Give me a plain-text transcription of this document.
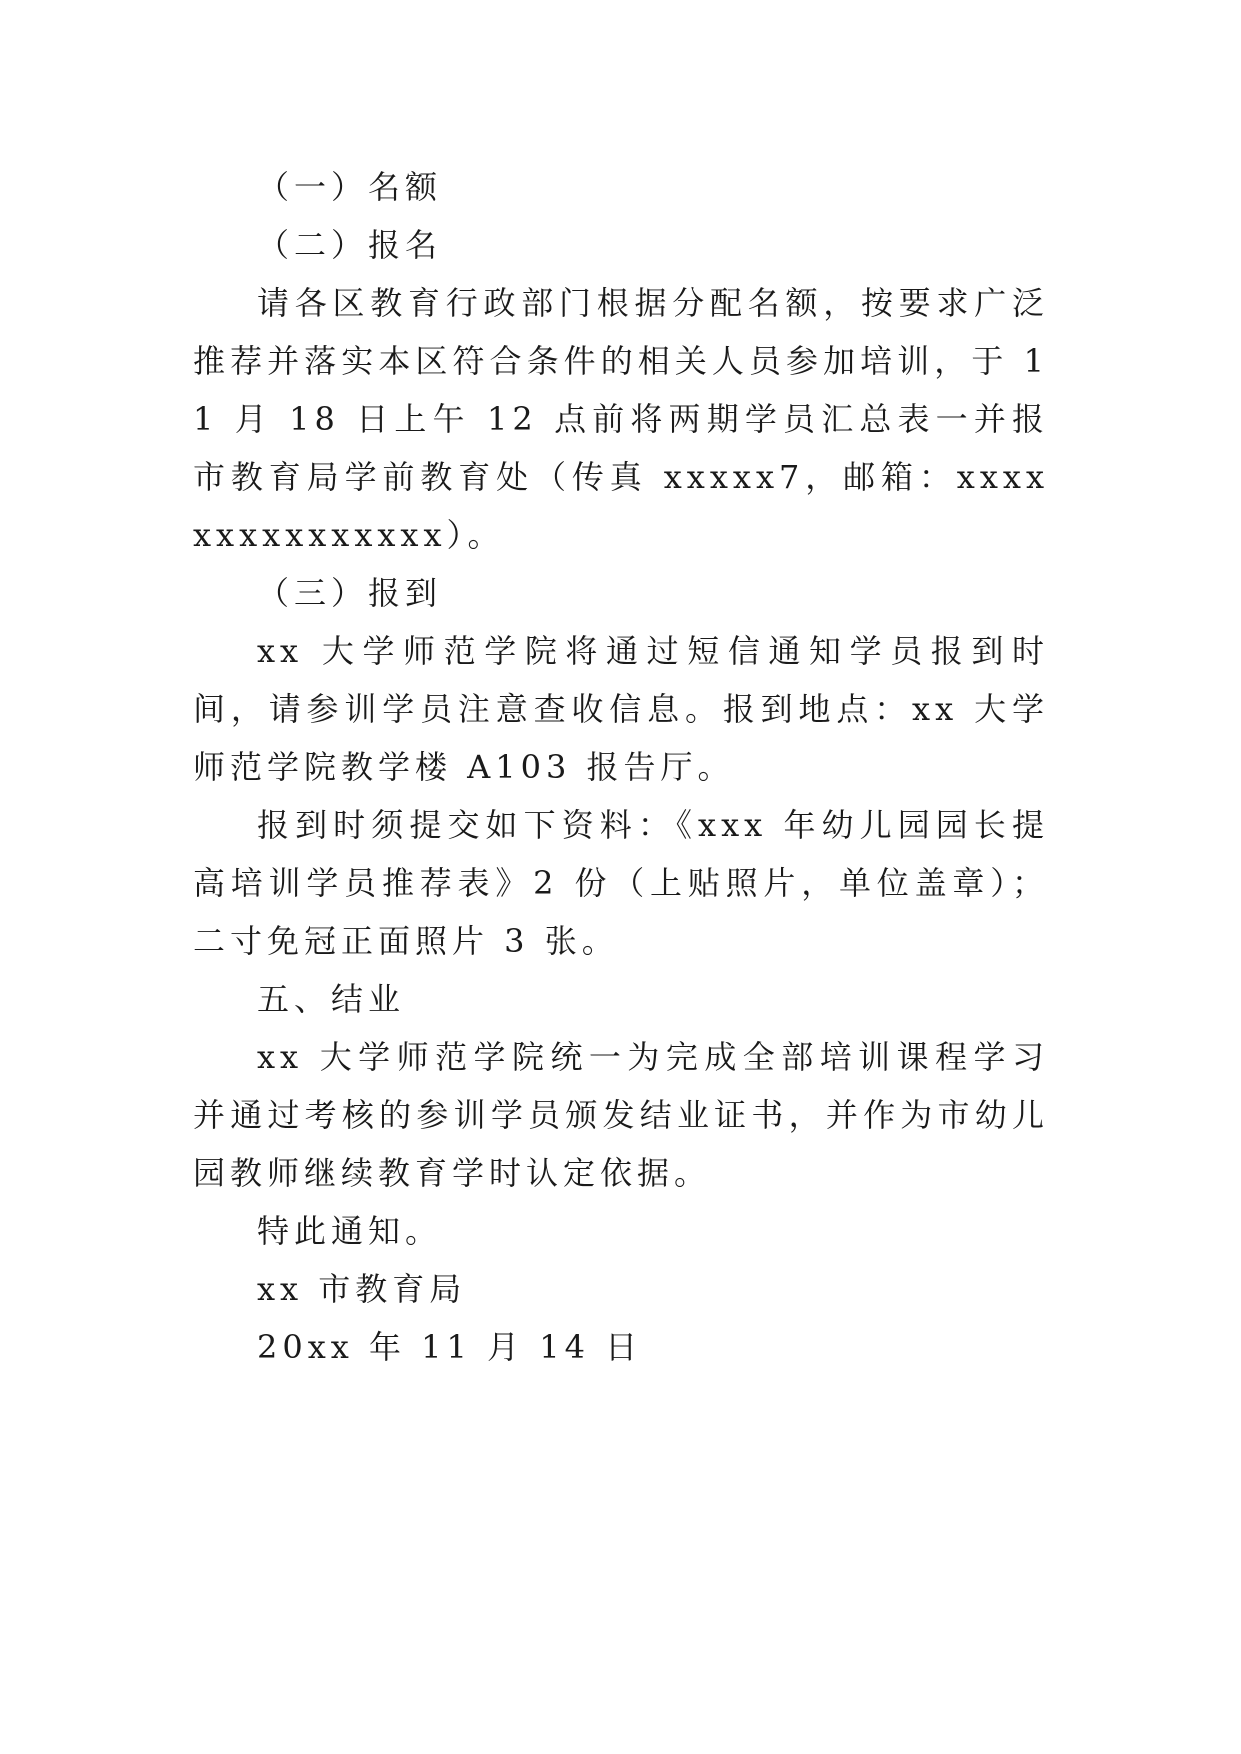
（一）名额

（二）报名

请各区教育行政部门根据分配名额，按要求广泛推荐并落实本区符合条件的相关人员参加培训，于 11 月 18 日上午 12 点前将两期学员汇总表一并报市教育局学前教育处（传真 xxxxx7，邮箱：xxxxxxxxxxxxxxx）。

（三）报到

xx 大学师范学院将通过短信通知学员报到时间，请参训学员注意查收信息。报到地点：xx 大学师范学院教学楼 A103 报告厅。

报到时须提交如下资料：《xxx 年幼儿园园长提高培训学员推荐表》2 份（上贴照片，单位盖章）；二寸免冠正面照片 3 张。

五、结业

xx 大学师范学院统一为完成全部培训课程学习并通过考核的参训学员颁发结业证书，并作为市幼儿园教师继续教育学时认定依据。

特此通知。

xx 市教育局

20xx 年 11 月 14 日
